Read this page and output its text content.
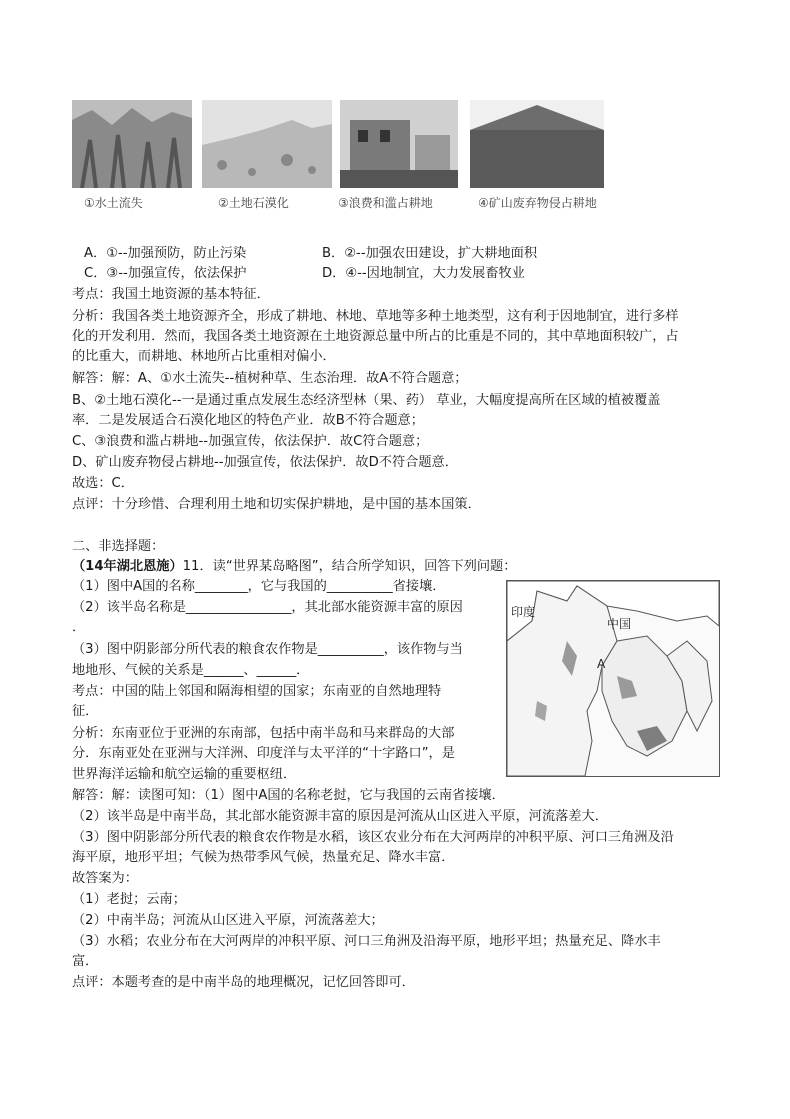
①水土流失	②土地石漠化	③浪费和滥占耕地	④矿山废弃物侵占耕地
A．①--加强预防，防止污染	B．②--加强农田建设，扩大耕地面积
C．③--加强宣传，依法保护	D．④--因地制宜，大力发展畜牧业
考点：我国土地资源的基本特征．
分析：我国各类土地资源齐全，形成了耕地、林地、草地等多种土地类型，这有利于因地制宜，进行多样
化的开发利用．然而，我国各类土地资源在土地资源总量中所占的比重是不同的，其中草地面积较广，占
的比重大，而耕地、林地所占比重相对偏小．
解答：解：A、①水土流失--植树种草、生态治理．故A不符合题意；
B、②土地石漠化--一是通过重点发展生态经济型林（果、药） 草业，大幅度提高所在区域的植被覆盖
率．二是发展适合石漠化地区的特色产业．故B不符合题意；
C、③浪费和滥占耕地--加强宣传，依法保护．故C符合题意；
D、矿山废弃物侵占耕地--加强宣传，依法保护．故D不符合题意．
故选：C．
点评：十分珍惜、合理利用土地和切实保护耕地，是中国的基本国策．
二、非选择题：
（14年湖北恩施）11．读“世界某岛略图”，结合所学知识，回答下列问题：
（1）图中A国的名称________，它与我国的__________省接壤．
（2）该半岛名称是________________，其北部水能资源丰富的原因
．
（3）图中阴影部分所代表的粮食农作物是__________，该作物与当
地地形、气候的关系是______、______．
考点：中国的陆上邻国和隔海相望的国家；东南亚的自然地理特
征．
分析：东南亚位于亚洲的东南部，包括中南半岛和马来群岛的大部
分．东南亚处在亚洲与大洋洲、印度洋与太平洋的“十字路口”，是
世界海洋运输和航空运输的重要枢纽．
解答：解：读图可知：（1）图中A国的名称老挝，它与我国的云南省接壤．
（2）该半岛是中南半岛，其北部水能资源丰富的原因是河流从山区进入平原，河流落差大．
（3）图中阴影部分所代表的粮食农作物是水稻，该区农业分布在大河两岸的冲积平原、河口三角洲及沿
海平原，地形平坦；气候为热带季风气候，热量充足、降水丰富．
故答案为：
（1）老挝；云南；
（2）中南半岛；河流从山区进入平原，河流落差大；
（3）水稻；农业分布在大河两岸的冲积平原、河口三角洲及沿海平原，地形平坦；热量充足、降水丰
富．
点评：本题考查的是中南半岛的地理概况，记忆回答即可．
印度
中国
A
